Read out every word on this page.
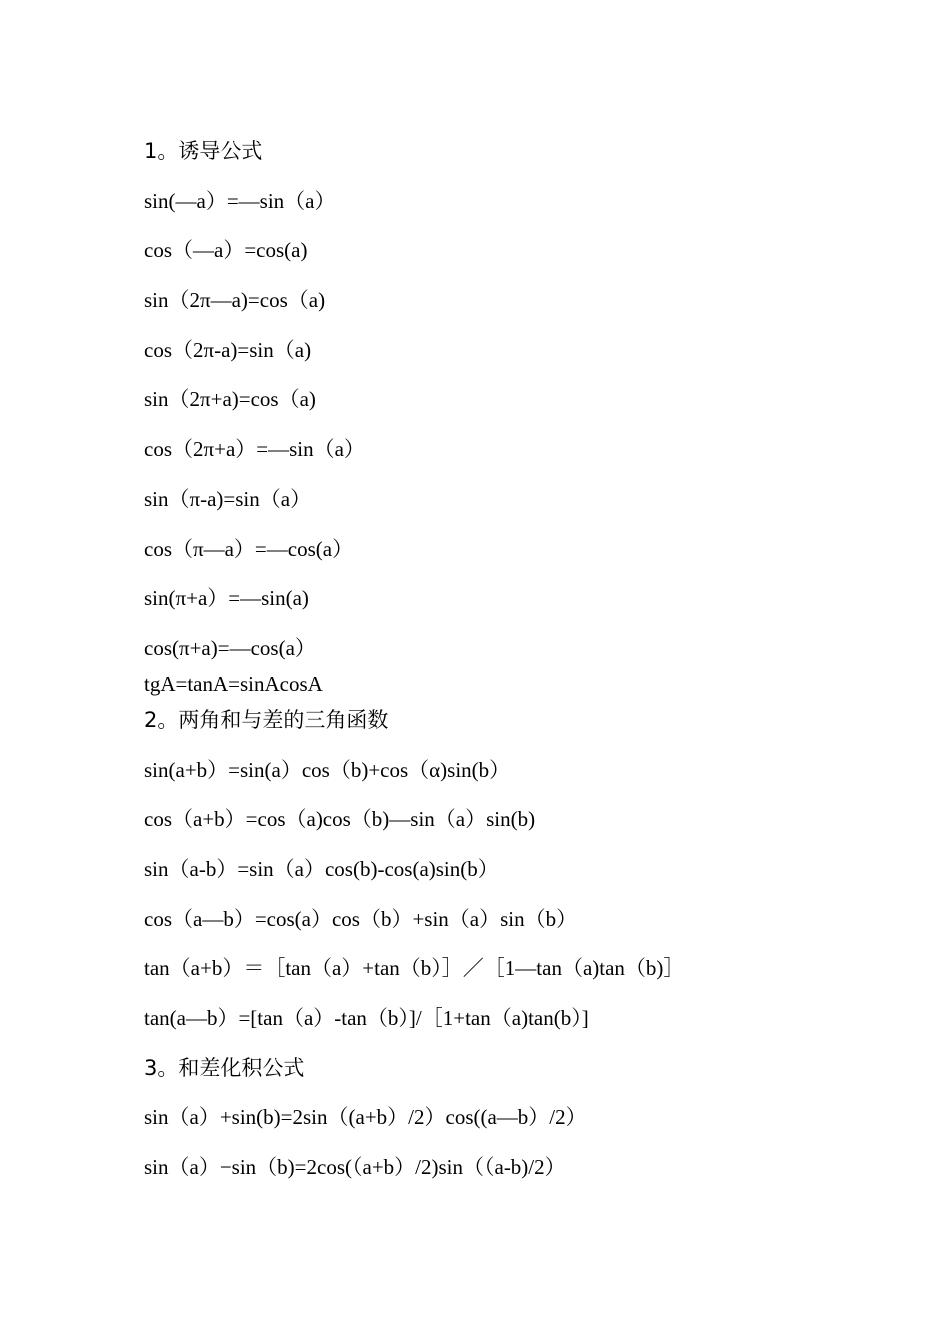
1。诱导公式
sin(—a）=—sin（a）
cos（—a）=cos(a)
sin（2π—a)=cos（a)
cos（2π-a)=sin（a)
sin（2π+a)=cos（a)
cos（2π+a）=—sin（a）
sin（π-a)=sin（a）
cos（π—a）=—cos(a）
sin(π+a）=—sin(a)
cos(π+a)=—cos(a）
tgA=tanA=sinAcosA
2。两角和与差的三角函数
sin(a+b）=sin(a）cos（b)+cos（α)sin(b）
cos（a+b）=cos（a)cos（b)—sin（a）sin(b)
sin（a-b）=sin（a）cos(b)-cos(a)sin(b）
cos（a—b）=cos(a）cos（b）+sin（a）sin（b）
tan（a+b）＝［tan（a）+tan（b）］／［1—tan（a)tan（b)］
tan(a—b）=[tan（a）-tan（b）]/［1+tan（a)tan(b）]
3。和差化积公式
sin（a）+sin(b)=2sin（(a+b）/2）cos((a—b）/2）
sin（a）−sin（b)=2cos(（a+b）/2)sin（（a-b)/2）
